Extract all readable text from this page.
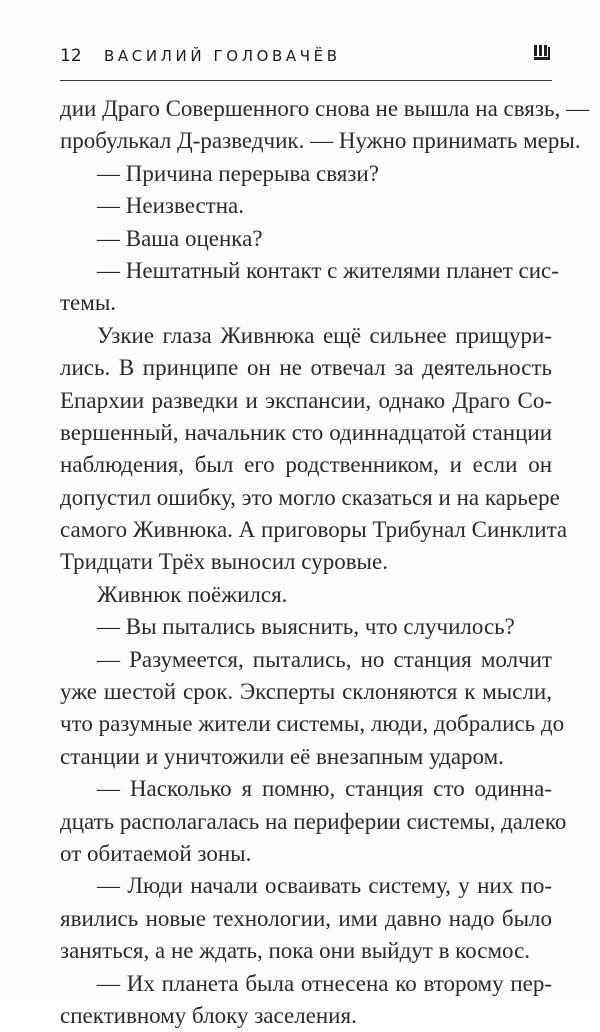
12 ВАСИЛИЙ ГОЛОВАЧЁВ
дии Драго Совершенного снова не вышла на связь, —
пробулькал Д-разведчик. — Нужно принимать меры.
— Причина перерыва связи?
— Неизвестна.
— Ваша оценка?
— Нештатный контакт с жителями планет сис-
темы.
Узкие глаза Живнюка ещё сильнее прищури-
лись. В принципе он не отвечал за деятельность
Епархии разведки и экспансии, однако Драго Со-
вершенный, начальник сто одиннадцатой станции
наблюдения, был его родственником, и если он
допустил ошибку, это могло сказаться и на карьере
самого Живнюка. А приговоры Трибунал Синклита
Тридцати Трёх выносил суровые.
Живнюк поёжился.
— Вы пытались выяснить, что случилось?
— Разумеется, пытались, но станция молчит
уже шестой срок. Эксперты склоняются к мысли,
что разумные жители системы, люди, добрались до
станции и уничтожили её внезапным ударом.
— Насколько я помню, станция сто одинна-
дцать располагалась на периферии системы, далеко
от обитаемой зоны.
— Люди начали осваивать систему, у них по-
явились новые технологии, ими давно надо было
заняться, а не ждать, пока они выйдут в космос.
— Их планета была отнесена ко второму пер-
спективному блоку заселения.
